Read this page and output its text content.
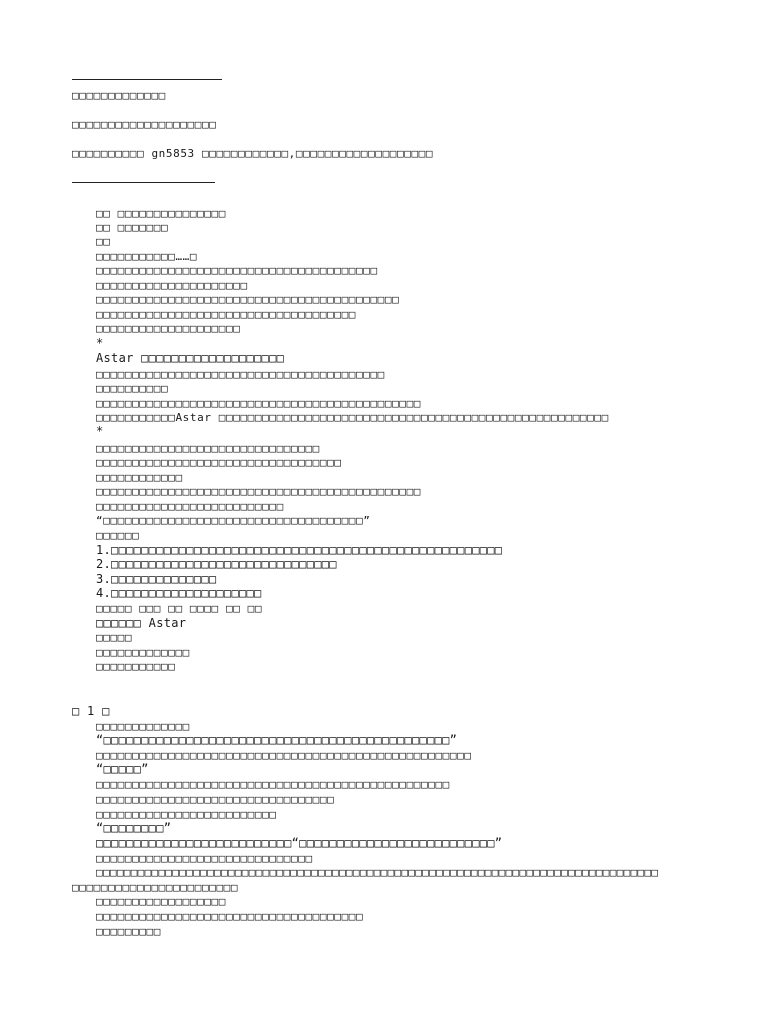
□□□□□□□□□□□□□
□□□□□□□□□□□□□□□□□□□□
□□□□□□□□□□ gn5853 □□□□□□□□□□□□,□□□□□□□□□□□□□□□□□□□
□□ □□□□□□□□□□□□□□□
□□ □□□□□□□
□□
□□□□□□□□□□□……□
□□□□□□□□□□□□□□□□□□□□□□□□□□□□□□□□□□□□□□□
□□□□□□□□□□□□□□□□□□□□□
□□□□□□□□□□□□□□□□□□□□□□□□□□□□□□□□□□□□□□□□□□
□□□□□□□□□□□□□□□□□□□□□□□□□□□□□□□□□□□□
□□□□□□□□□□□□□□□□□□□□
*
Astar □□□□□□□□□□□□□□□□□□□
□□□□□□□□□□□□□□□□□□□□□□□□□□□□□□□□□□□□□□□□
□□□□□□□□□□
□□□□□□□□□□□□□□□□□□□□□□□□□□□□□□□□□□□□□□□□□□□□□
□□□□□□□□□□□Astar □□□□□□□□□□□□□□□□□□□□□□□□□□□□□□□□□□□□□□□□□□□□□□□□□□□□□□
*
□□□□□□□□□□□□□□□□□□□□□□□□□□□□□□□
□□□□□□□□□□□□□□□□□□□□□□□□□□□□□□□□□□
□□□□□□□□□□□□
□□□□□□□□□□□□□□□□□□□□□□□□□□□□□□□□□□□□□□□□□□□□□
□□□□□□□□□□□□□□□□□□□□□□□□□□
“□□□□□□□□□□□□□□□□□□□□□□□□□□□□□□□□□□□□”
□□□□□□
1.□□□□□□□□□□□□□□□□□□□□□□□□□□□□□□□□□□□□□□□□□□□□□□□□□□□□
2.□□□□□□□□□□□□□□□□□□□□□□□□□□□□□□
3.□□□□□□□□□□□□□□
4.□□□□□□□□□□□□□□□□□□□□
□□□□□ □□□ □□ □□□□ □□ □□
□□□□□□ Astar
□□□□□
□□□□□□□□□□□□□
□□□□□□□□□□□
□ 1 □
□□□□□□□□□□□□□
“□□□□□□□□□□□□□□□□□□□□□□□□□□□□□□□□□□□□□□□□□□□□□□”
□□□□□□□□□□□□□□□□□□□□□□□□□□□□□□□□□□□□□□□□□□□□□□□□□□□□
“□□□□□”
□□□□□□□□□□□□□□□□□□□□□□□□□□□□□□□□□□□□□□□□□□□□□□□□□
□□□□□□□□□□□□□□□□□□□□□□□□□□□□□□□□□
□□□□□□□□□□□□□□□□□□□□□□□□□
“□□□□□□□□”
□□□□□□□□□□□□□□□□□□□□□□□□□□“□□□□□□□□□□□□□□□□□□□□□□□□□□”
□□□□□□□□□□□□□□□□□□□□□□□□□□□□□□
□□□□□□□□□□□□□□□□□□□□□□□□□□□□□□□□□□□□□□□□□□□□□□□□□□□□□□□□□□□□□□□□□□□□□□□□□□□□□□□□□
□□□□□□□□□□□□□□□□□□□□□□□
□□□□□□□□□□□□□□□□□□
□□□□□□□□□□□□□□□□□□□□□□□□□□□□□□□□□□□□□
□□□□□□□□□
